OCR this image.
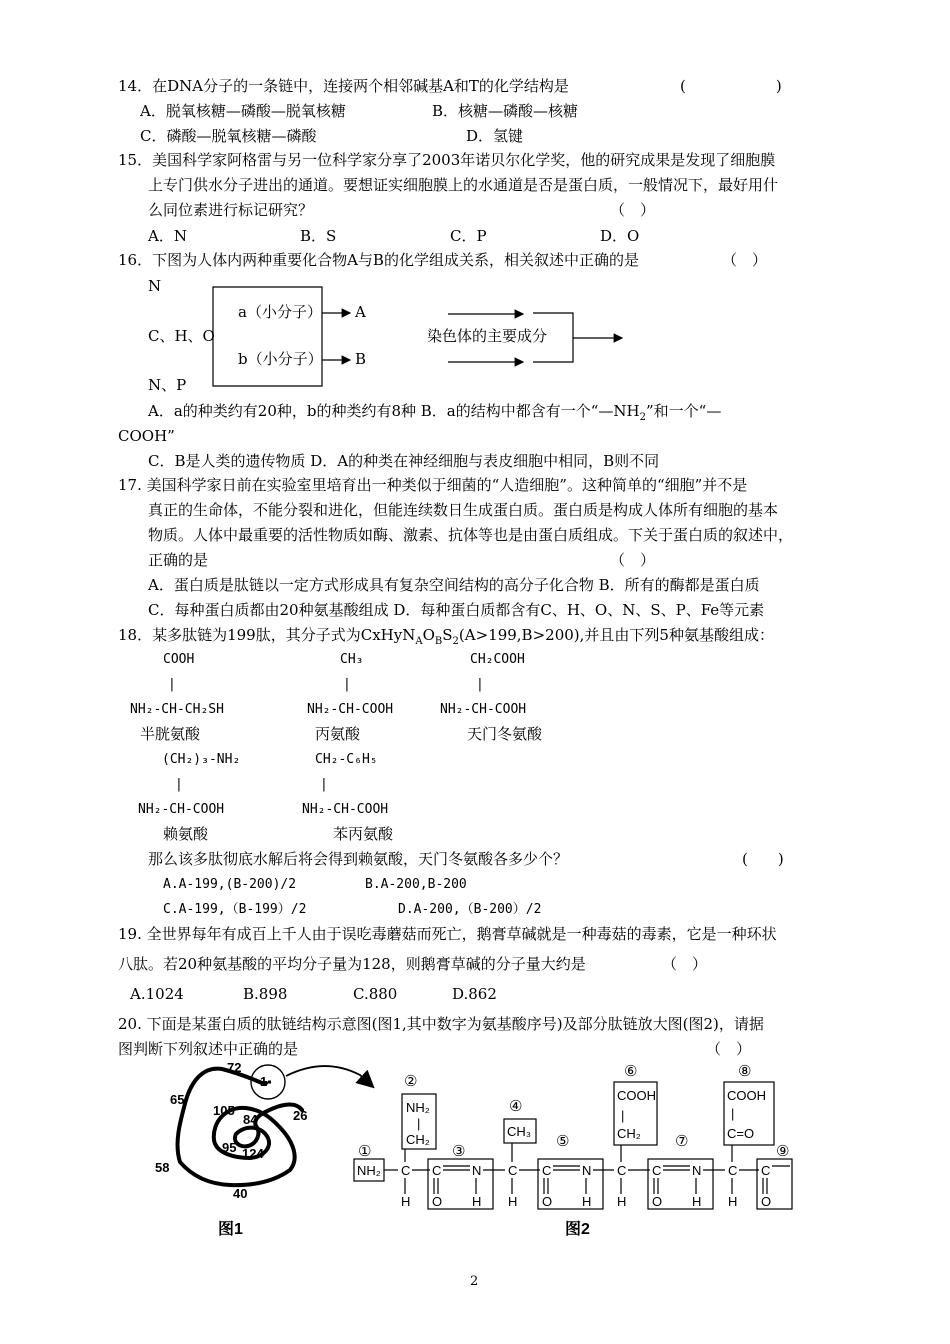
14．在DNA分子的一条链中，连接两个相邻碱基A和T的化学结构是	(　　　　　　)
A．脱氧核糖—磷酸—脱氧核糖	B．核糖—磷酸—核糖
C．磷酸—脱氧核糖—磷酸	D．氢键
15．美国科学家阿格雷与另一位科学家分享了2003年诺贝尔化学奖，他的研究成果是发现了细胞膜
上专门供水分子进出的通道。要想证实细胞膜上的水通道是否是蛋白质，一般情况下，最好用什
么同位素进行标记研究？	（　）
A．N	B．S	C．P	D．O
16．下图为人体内两种重要化合物A与B的化学组成关系，相关叙述中正确的是	（　）
N
C、H、O
N、P
a（小分子）
b（小分子）
A
B
染色体的主要成分
A．a的种类约有20种，b的种类约有8种 B．a的结构中都含有一个“$—NH_2$”和一个“—
COOH”
C．B是人类的遗传物质 D．A的种类在神经细胞与表皮细胞中相同，B则不同
17. 美国科学家日前在实验室里培育出一种类似于细菌的“人造细胞”。这种简单的“细胞”并不是
真正的生命体，不能分裂和进化，但能连续数日生成蛋白质。蛋白质是构成人体所有细胞的基本
物质。人体中最重要的活性物质如酶、激素、抗体等也是由蛋白质组成。下关于蛋白质的叙述中，
正确的是	（　）
A．蛋白质是肽链以一定方式形成具有复杂空间结构的高分子化合物 B．所有的酶都是蛋白质
C．每种蛋白质都由20种氨基酸组成 D．每种蛋白质都含有C、H、O、N、S、P、Fe等元素
18．某多肽链为199肽，其分子式为$CxHyN_AO_BS_2(A>199,B>200)$,并且由下列5种氨基酸组成：
COOH
|
NH₂-CH-CH₂SH
半胱氨酸
CH₃
|
NH₂-CH-COOH
丙氨酸
CH₂COOH
|
NH₂-CH-COOH
天门冬氨酸
(CH₂)₃-NH₂
|
NH₂-CH-COOH
赖氨酸
CH₂-C₆H₅
|
NH₂-CH-COOH
苯丙氨酸
那么该多肽彻底水解后将会得到赖氨酸，天门冬氨酸各多少个？	(　　)
A.A-199,(B-200)/2	B.A-200,B-200
C.A-199,（B-199）/2	D.A-200,（B-200）/2
19. 全世界每年有成百上千人由于误吃毒蘑菇而死亡，鹅膏草碱就是一种毒菇的毒素，它是一种环状
八肽。若20种氨基酸的平均分子量为128，则鹅膏草碱的分子量大约是	（　）
A.1024	B.898	C.880	D.862
20. 下面是某蛋白质的肽链结构示意图(图1,其中数字为氨基酸序号)及部分肽链放大图(图2)，请据
图判断下列叙述中正确的是	（　）
72
1
65
105
84	26
95 124
58
40
图1
①
②
③
④
⑤
⑥
⑦
⑧
⑨
NH₂
NH₂
|
CH₂
CH₃
COOH
|
CH₂
COOH
|
C=O
C	C	C	C
H	H	H	H
C	C	C	C
O	O	O	O
N	N	N
H	H	H
图2
2
